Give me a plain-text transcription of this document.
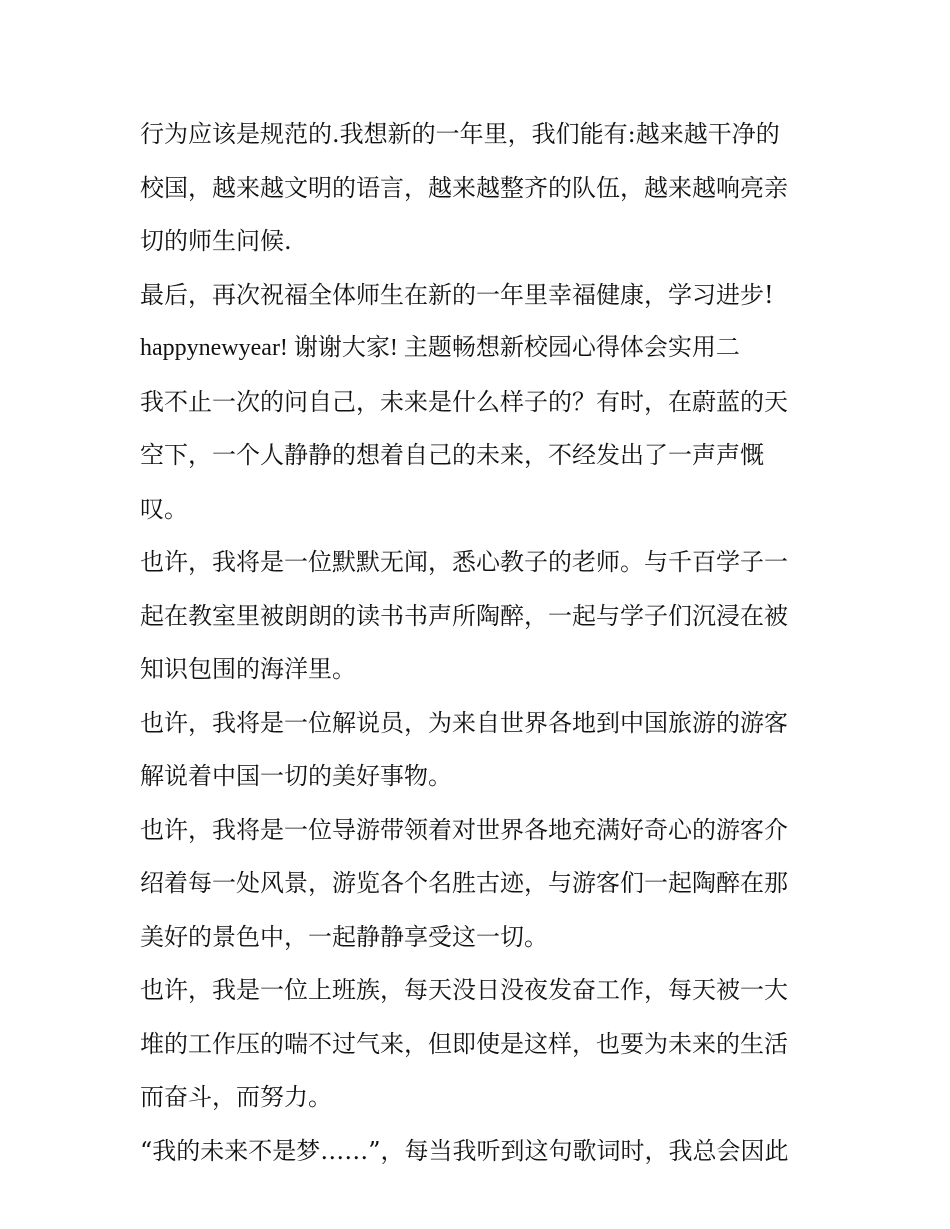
行为应该是规范的.我想新的一年里，我们能有:越来越干净的
校国，越来越文明的语言，越来越整齐的队伍，越来越响亮亲
切的师生问候.
最后，再次祝福全体师生在新的一年里幸福健康，学习进步!
happynewyear! 谢谢大家! 主题畅想新校园心得体会实用二
我不止一次的问自己，未来是什么样子的？有时，在蔚蓝的天
空下，一个人静静的想着自己的未来，不经发出了一声声慨
叹。
也许，我将是一位默默无闻，悉心教子的老师。与千百学子一
起在教室里被朗朗的读书书声所陶醉，一起与学子们沉浸在被
知识包围的海洋里。
也许，我将是一位解说员，为来自世界各地到中国旅游的游客
解说着中国一切的美好事物。
也许，我将是一位导游带领着对世界各地充满好奇心的游客介
绍着每一处风景，游览各个名胜古迹，与游客们一起陶醉在那
美好的景色中，一起静静享受这一切。
也许，我是一位上班族，每天没日没夜发奋工作，每天被一大
堆的工作压的喘不过气来，但即使是这样，也要为未来的生活
而奋斗，而努力。
“我的未来不是梦……”，每当我听到这句歌词时，我总会因此
